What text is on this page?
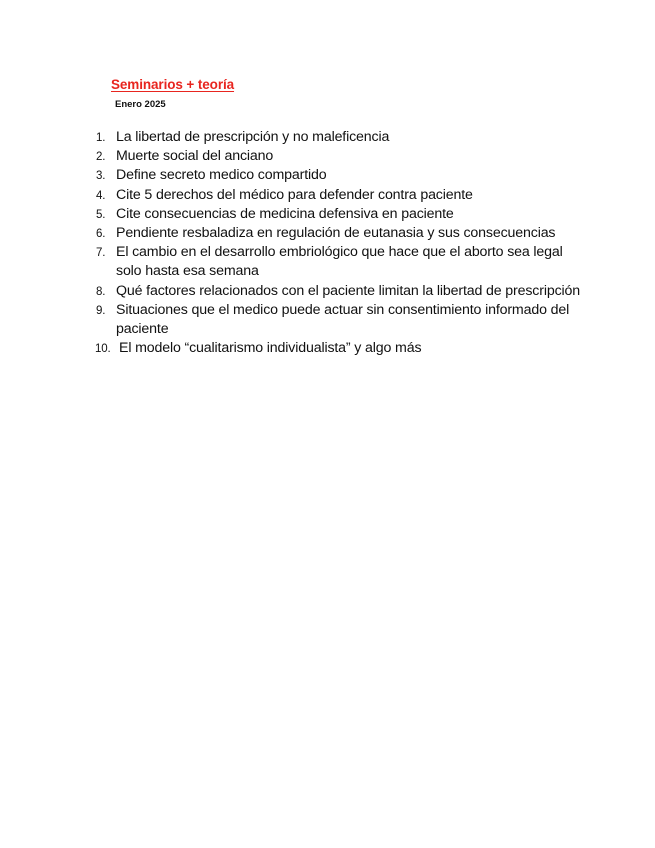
Seminarios + teoría
Enero 2025
1. La libertad de prescripción y no maleficencia
2. Muerte social del anciano
3. Define secreto medico compartido
4. Cite 5 derechos del médico para defender contra paciente
5. Cite consecuencias de medicina defensiva en paciente
6. Pendiente resbaladiza en regulación de eutanasia y sus consecuencias
7. El cambio en el desarrollo embriológico que hace que el aborto sea legal solo hasta esa semana
8. Qué factores relacionados con el paciente limitan la libertad de prescripción
9. Situaciones que el medico puede actuar sin consentimiento informado del paciente
10. El modelo “cualitarismo individualista” y algo más
